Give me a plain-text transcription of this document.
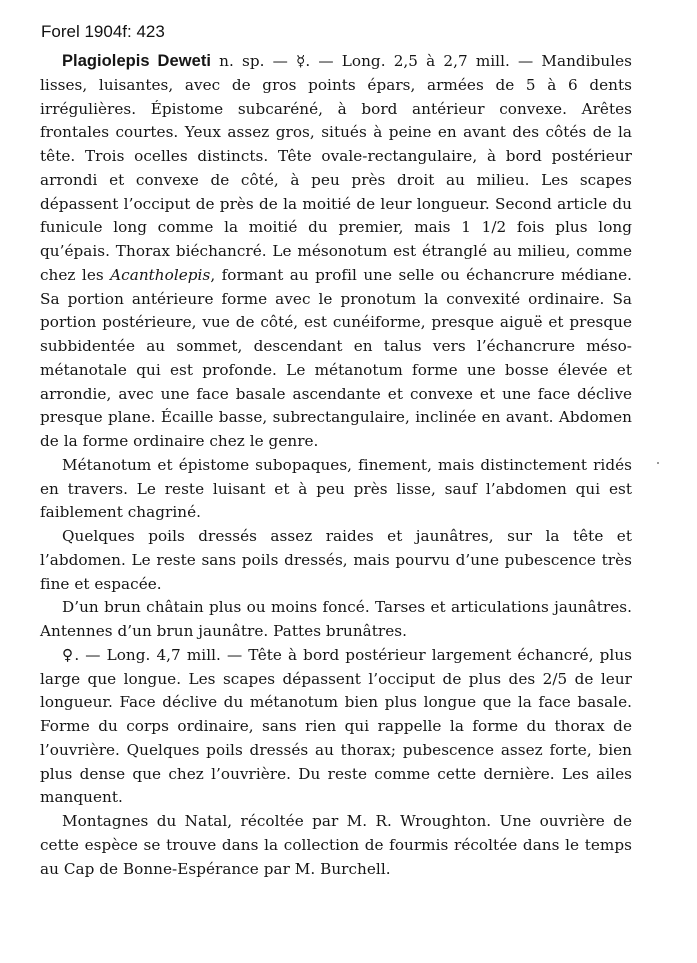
Forel 1904f: 423

Plagiolepis Deweti n. sp. — ☿. — Long. 2,5 à 2,7 mill. — Mandibules lisses, luisantes, avec de gros points épars, armées de 5 à 6 dents irrégulières. Épistome subcaréné, à bord antérieur convexe. Arêtes frontales courtes. Yeux assez gros, situés à peine en avant des côtés de la tête. Trois ocelles distincts. Tête ovale-rectangulaire, à bord postérieur arrondi et convexe de côté, à peu près droit au milieu. Les scapes dépassent l’occiput de près de la moitié de leur longueur. Second article du funicule long comme la moitié du premier, mais 1 1/2 fois plus long qu’épais. Thorax biéchancré. Le mésonotum est étranglé au milieu, comme chez les Acantholepis, formant au profil une selle ou échancrure médiane. Sa portion antérieure forme avec le pronotum la convexité ordinaire. Sa portion postérieure, vue de côté, est cunéiforme, presque aiguë et presque subbidentée au sommet, descendant en talus vers l’échancrure méso-métanotale qui est profonde. Le métanotum forme une bosse élevée et arrondie, avec une face basale ascendante et convexe et une face déclive presque plane. Écaille basse, subrectangulaire, inclinée en avant. Abdomen de la forme ordinaire chez le genre.

Métanotum et épistome subopaques, finement, mais distinctement ridés en travers. Le reste luisant et à peu près lisse, sauf l’abdomen qui est faiblement chagriné.

Quelques poils dressés assez raides et jaunâtres, sur la tête et l’abdomen. Le reste sans poils dressés, mais pourvu d’une pubescence très fine et espacée.

D’un brun châtain plus ou moins foncé. Tarses et articulations jaunâtres. Antennes d’un brun jaunâtre. Pattes brunâtres.

♀. — Long. 4,7 mill. — Tête à bord postérieur largement échancré, plus large que longue. Les scapes dépassent l’occiput de plus des 2/5 de leur longueur. Face déclive du métanotum bien plus longue que la face basale. Forme du corps ordinaire, sans rien qui rappelle la forme du thorax de l’ouvrière. Quelques poils dressés au thorax; pubescence assez forte, bien plus dense que chez l’ouvrière. Du reste comme cette dernière. Les ailes manquent.

Montagnes du Natal, récoltée par M. R. Wroughton. Une ouvrière de cette espèce se trouve dans la collection de fourmis récoltée dans le temps au Cap de Bonne-Espérance par M. Burchell.
